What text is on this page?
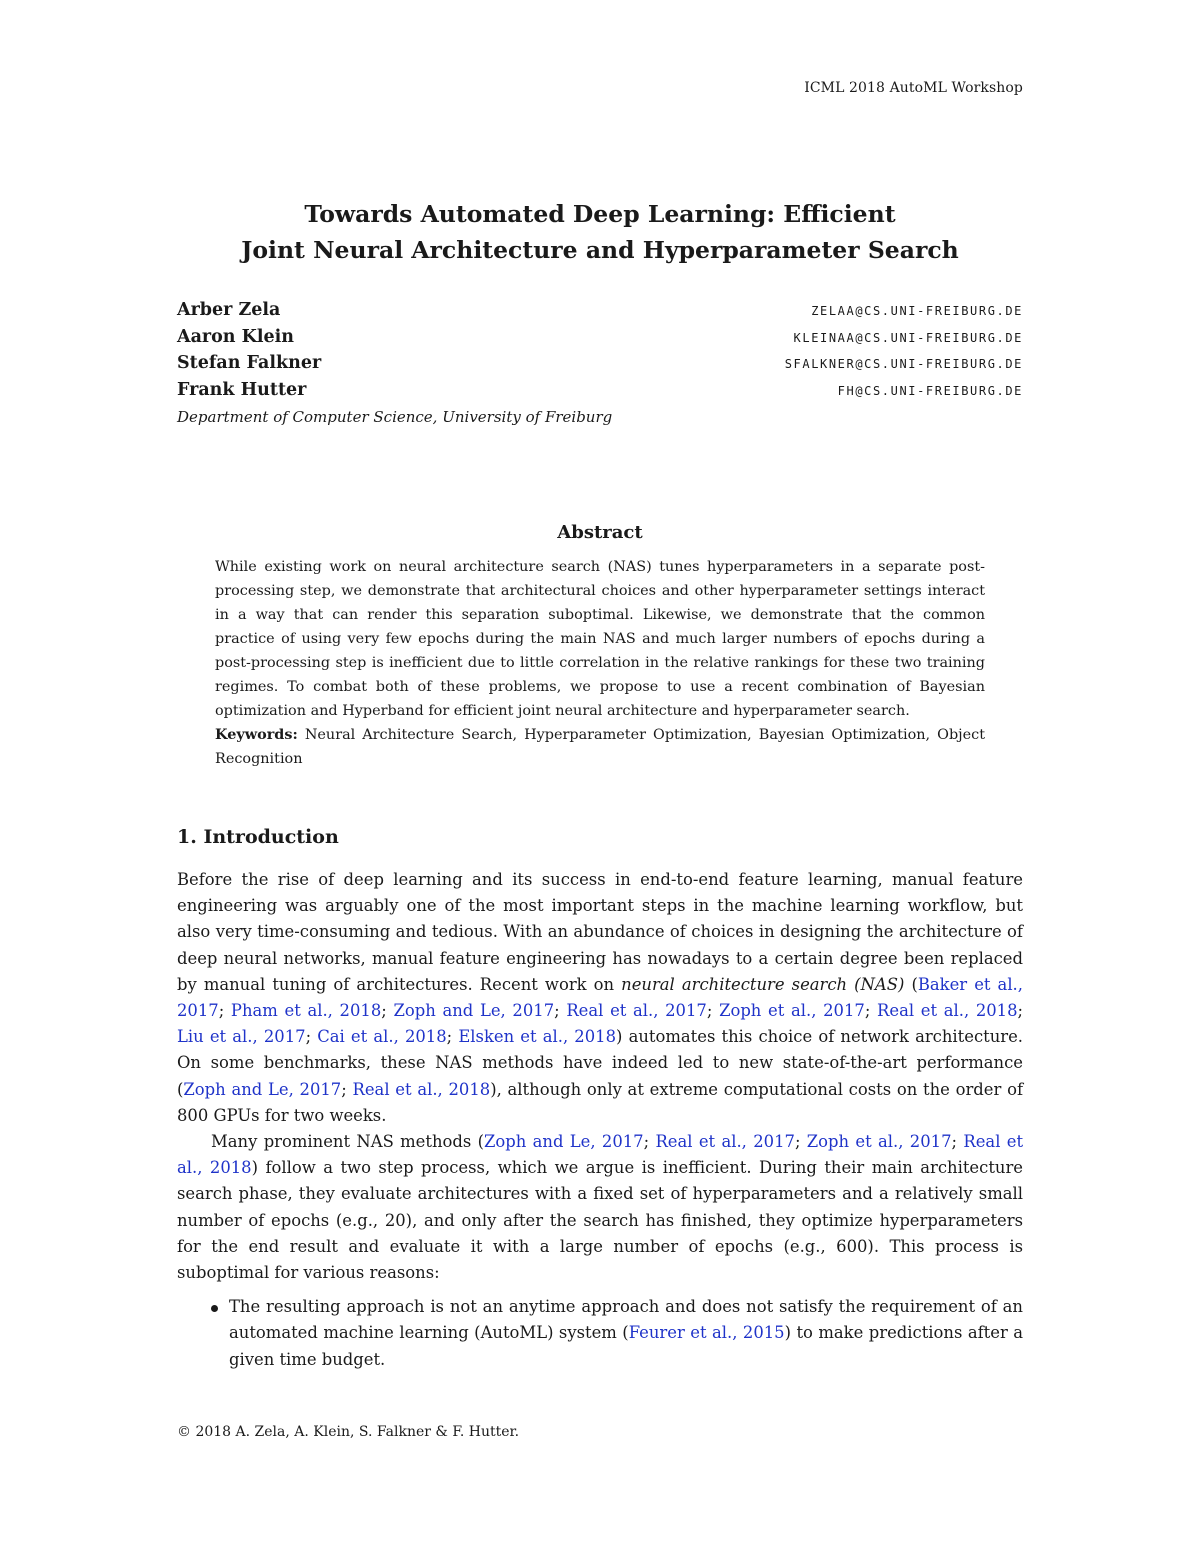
ICML 2018 AutoML Workshop
Towards Automated Deep Learning: Efficient
Joint Neural Architecture and Hyperparameter Search
Arber Zela	ZELAA@CS.UNI-FREIBURG.DE
Aaron Klein	KLEINAA@CS.UNI-FREIBURG.DE
Stefan Falkner	SFALKNER@CS.UNI-FREIBURG.DE
Frank Hutter	FH@CS.UNI-FREIBURG.DE
Department of Computer Science, University of Freiburg
Abstract

While existing work on neural architecture search (NAS) tunes hyperparameters in a separate post-processing step, we demonstrate that architectural choices and other hyperparameter settings interact in a way that can render this separation suboptimal. Likewise, we demonstrate that the common practice of using very few epochs during the main NAS and much larger numbers of epochs during a post-processing step is inefficient due to little correlation in the relative rankings for these two training regimes. To combat both of these problems, we propose to use a recent combination of Bayesian optimization and Hyperband for efficient joint neural architecture and hyperparameter search.

Keywords: Neural Architecture Search, Hyperparameter Optimization, Bayesian Optimization, Object Recognition

1. Introduction

Before the rise of deep learning and its success in end-to-end feature learning, manual feature engineering was arguably one of the most important steps in the machine learning workflow, but also very time-consuming and tedious. With an abundance of choices in designing the architecture of deep neural networks, manual feature engineering has nowadays to a certain degree been replaced by manual tuning of architectures. Recent work on neural architecture search (NAS) (Baker et al., 2017; Pham et al., 2018; Zoph and Le, 2017; Real et al., 2017; Zoph et al., 2017; Real et al., 2018; Liu et al., 2017; Cai et al., 2018; Elsken et al., 2018) automates this choice of network architecture. On some benchmarks, these NAS methods have indeed led to new state-of-the-art performance (Zoph and Le, 2017; Real et al., 2018), although only at extreme computational costs on the order of 800 GPUs for two weeks.

Many prominent NAS methods (Zoph and Le, 2017; Real et al., 2017; Zoph et al., 2017; Real et al., 2018) follow a two step process, which we argue is inefficient. During their main architecture search phase, they evaluate architectures with a fixed set of hyperparameters and a relatively small number of epochs (e.g., 20), and only after the search has finished, they optimize hyperparameters for the end result and evaluate it with a large number of epochs (e.g., 600). This process is suboptimal for various reasons:

The resulting approach is not an anytime approach and does not satisfy the requirement of an automated machine learning (AutoML) system (Feurer et al., 2015) to make predictions after a given time budget.
© 2018 A. Zela, A. Klein, S. Falkner & F. Hutter.
